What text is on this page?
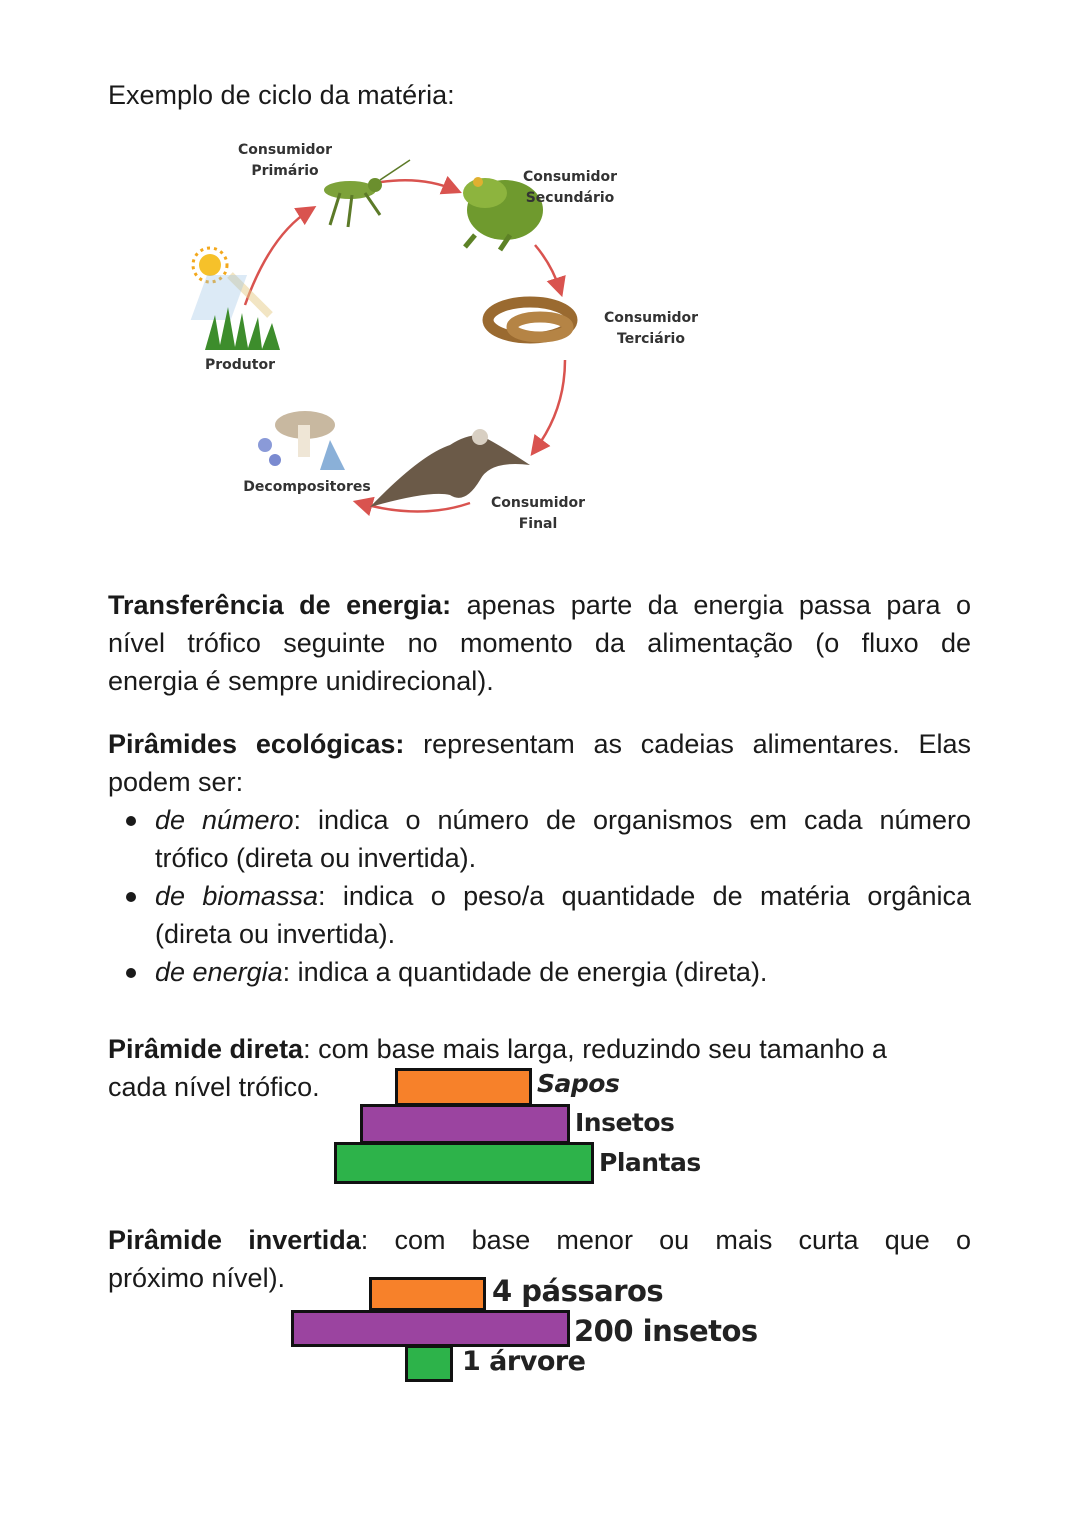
Exemplo de ciclo da matéria:
Consumidor
Primário	Consumidor
Secundário
Consumidor
Terciário
Consumidor
Final
Produtor
Decompositores
Transferência de energia: apenas parte da energia passa para o
nível trófico seguinte no momento da alimentação (o fluxo de
energia é sempre unidirecional).
Pirâmides ecológicas: representam as cadeias alimentares. Elas
podem ser:
de número: indica o número de organismos em cada número
trófico (direta ou invertida).
de biomassa: indica o peso/a quantidade de matéria orgânica
(direta ou invertida).
de energia: indica a quantidade de energia (direta).
Pirâmide direta: com base mais larga, reduzindo seu tamanho a
cada nível trófico.	Sapos
Insetos
Plantas
Pirâmide invertida: com base menor ou mais curta que o
próximo nível).	4 pássaros
200 insetos
1 árvore
